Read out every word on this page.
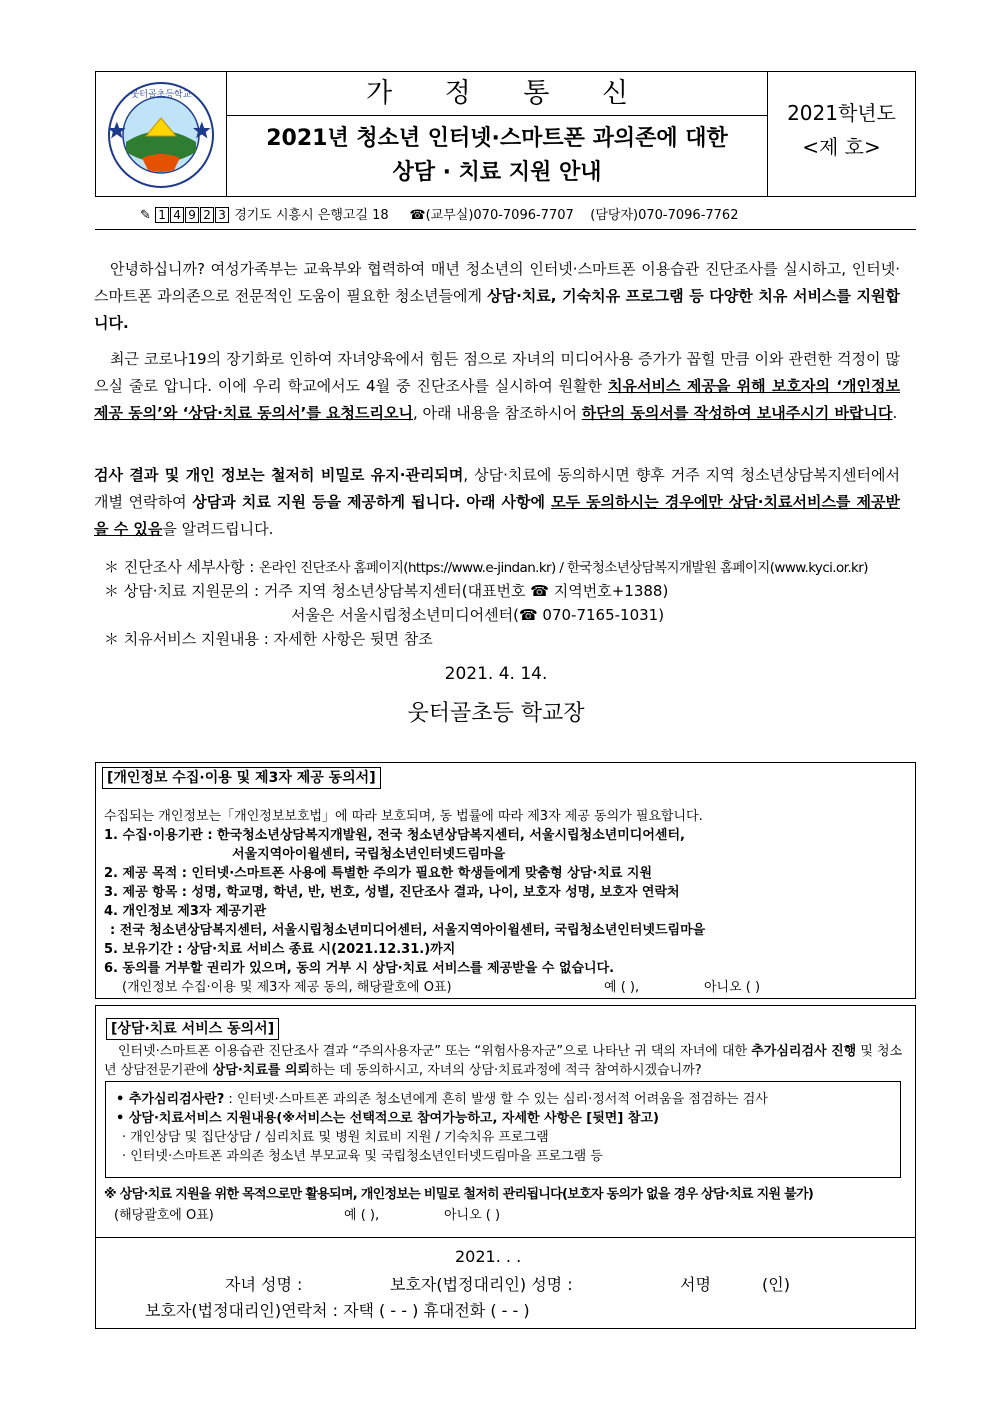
웃터골초등학교	가 정 통 신
2021년 청소년 인터넷·스마트폰 과의존에 대한
상담 · 치료 지원 안내
2021학년도
<제 호>
✎ 1 4 9 2 3 경기도 시흥시 은행고길 18 ☎(교무실)070-7096-7707 (담당자)070-7096-7762
안녕하십니까? 여성가족부는 교육부와 협력하여 매년 청소년의 인터넷·스마트폰 이용습관 진단조사를 실시하고, 인터넷·스마트폰 과의존으로 전문적인 도움이 필요한 청소년들에게 상담·치료, 기숙치유 프로그램 등 다양한 치유 서비스를 지원합니다.
최근 코로나19의 장기화로 인하여 자녀양육에서 힘든 점으로 자녀의 미디어사용 증가가 꼽힐 만큼 이와 관련한 걱정이 많으실 줄로 압니다. 이에 우리 학교에서도 4월 중 진단조사를 실시하여 원활한 치유서비스 제공을 위해 보호자의 ‘개인정보 제공 동의’와 ‘상담·치료 동의서’를 요청드리오니, 아래 내용을 참조하시어 하단의 동의서를 작성하여 보내주시기 바랍니다.
검사 결과 및 개인 정보는 철저히 비밀로 유지·관리되며, 상담·치료에 동의하시면 향후 거주 지역 청소년상담복지센터에서 개별 연락하여 상담과 치료 지원 등을 제공하게 됩니다. 아래 사항에 모두 동의하시는 경우에만 상담·치료서비스를 제공받을 수 있음을 알려드립니다.
＊ 진단조사 세부사항 : 온라인 진단조사 홈페이지(https://www.e-jindan.kr) / 한국청소년상담복지개발원 홈페이지(www.kyci.or.kr)
＊ 상담·치료 지원문의 : 거주 지역 청소년상담복지센터(대표번호 ☎ 지역번호+1388)
서울은 서울시립청소년미디어센터(☎ 070-7165-1031)
＊ 치유서비스 지원내용 : 자세한 사항은 뒷면 참조
2021. 4. 14.
웃터골초등 학교장
[개인정보 수집·이용 및 제3자 제공 동의서]
수집되는 개인정보는「개인정보보호법」에 따라 보호되며, 동 법률에 따라 제3자 제공 동의가 필요합니다.
1. 수집·이용기관 : 한국청소년상담복지개발원, 전국 청소년상담복지센터, 서울시립청소년미디어센터,
서울지역아이윌센터, 국립청소년인터넷드림마을
2. 제공 목적 : 인터넷·스마트폰 사용에 특별한 주의가 필요한 학생들에게 맞춤형 상담·치료 지원
3. 제공 항목 : 성명, 학교명, 학년, 반, 번호, 성별, 진단조사 결과, 나이, 보호자 성명, 보호자 연락처
4. 개인정보 제3자 제공기관
: 전국 청소년상담복지센터, 서울시립청소년미디어센터, 서울지역아이윌센터, 국립청소년인터넷드림마을
5. 보유기간 : 상담·치료 서비스 종료 시(2021.12.31.)까지
6. 동의를 거부할 권리가 있으며, 동의 거부 시 상담·치료 서비스를 제공받을 수 없습니다.
(개인정보 수집·이용 및 제3자 제공 동의, 해당괄호에 O표)	예 ( ),	아니오 ( )
[상담·치료 서비스 동의서]
인터넷·스마트폰 이용습관 진단조사 결과 “주의사용자군” 또는 “위험사용자군”으로 나타난 귀 댁의 자녀에 대한 추가심리검사 진행 및 청소년 상담전문기관에 상담·치료를 의뢰하는 데 동의하시고, 자녀의 상담·치료과정에 적극 참여하시겠습니까?
• 추가심리검사란? : 인터넷·스마트폰 과의존 청소년에게 흔히 발생 할 수 있는 심리·정서적 어려움을 점검하는 검사
• 상담·치료서비스 지원내용(※서비스는 선택적으로 참여가능하고, 자세한 사항은 [뒷면] 참고)
· 개인상담 및 집단상담 / 심리치료 및 병원 치료비 지원 / 기숙치유 프로그램
· 인터넷·스마트폰 과의존 청소년 부모교육 및 국립청소년인터넷드림마을 프로그램 등
※ 상담·치료 지원을 위한 목적으로만 활용되며, 개인정보는 비밀로 철저히 관리됩니다(보호자 동의가 없을 경우 상담·치료 지원 불가)
(해당괄호에 O표)	예 ( ),	아니오 ( )
2021. . .
자녀 성명 :	보호자(법정대리인) 성명 :	서명	(인)
보호자(법정대리인)연락처 : 자택 ( - - ) 휴대전화 ( - - )
